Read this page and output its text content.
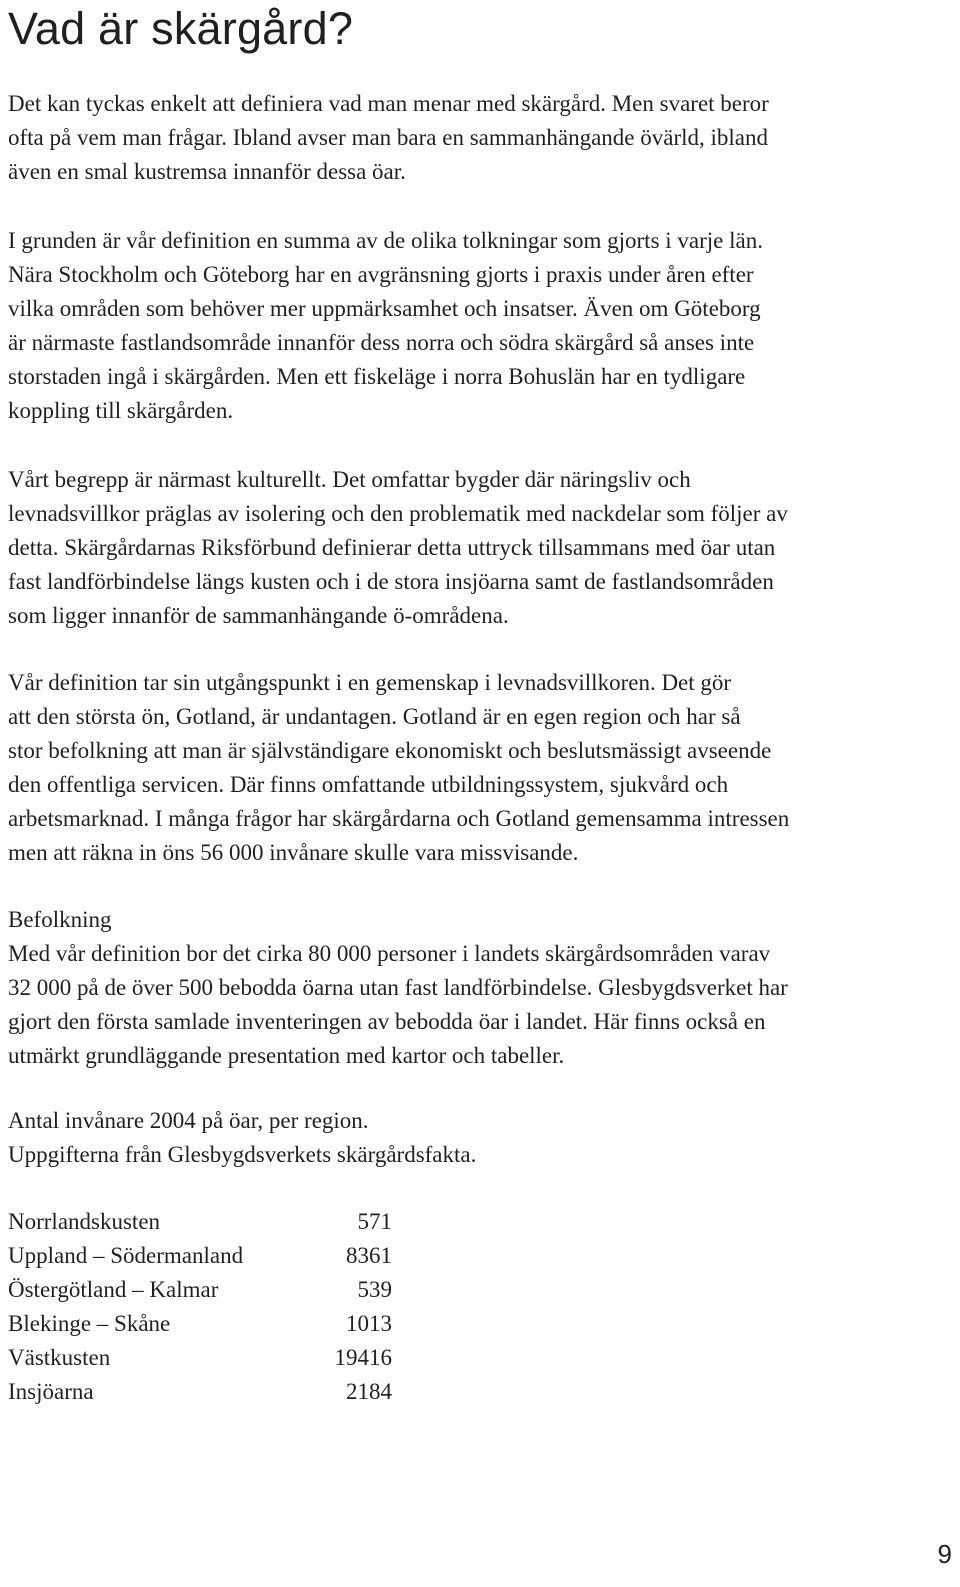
Vad är skärgård?

Det kan tyckas enkelt att definiera vad man menar med skärgård. Men svaret beror
ofta på vem man frågar. Ibland avser man bara en sammanhängande övärld, ibland
även en smal kustremsa innanför dessa öar.

I grunden är vår definition en summa av de olika tolkningar som gjorts i varje län.
Nära Stockholm och Göteborg har en avgränsning gjorts i praxis under åren efter
vilka områden som behöver mer uppmärksamhet och insatser. Även om Göteborg
är närmaste fastlandsområde innanför dess norra och södra skärgård så anses inte
storstaden ingå i skärgården. Men ett fiskeläge i norra Bohuslän har en tydligare
koppling till skärgården.

Vårt begrepp är närmast kulturellt. Det omfattar bygder där näringsliv och
levnadsvillkor präglas av isolering och den problematik med nackdelar som följer av
detta. Skärgårdarnas Riksförbund definierar detta uttryck tillsammans med öar utan
fast landförbindelse längs kusten och i de stora insjöarna samt de fastlandsområden
som ligger innanför de sammanhängande ö-områdena.

Vår definition tar sin utgångspunkt i en gemenskap i levnadsvillkoren. Det gör
att den största ön, Gotland, är undantagen. Gotland är en egen region och har så
stor befolkning att man är självständigare ekonomiskt och beslutsmässigt avseende
den offentliga servicen. Där finns omfattande utbildningssystem, sjukvård och
arbetsmarknad. I många frågor har skärgårdarna och Gotland gemensamma intressen
men att räkna in öns 56 000 invånare skulle vara missvisande.

Befolkning
Med vår definition bor det cirka 80 000 personer i landets skärgårdsområden varav
32 000 på de över 500 bebodda öarna utan fast landförbindelse. Glesbygdsverket har
gjort den första samlade inventeringen av bebodda öar i landet. Här finns också en
utmärkt grundläggande presentation med kartor och tabeller.

Antal invånare 2004 på öar, per region.
Uppgifterna från Glesbygdsverkets skärgårdsfakta.

Norrlandskusten	571
Uppland – Södermanland	8361
Östergötland – Kalmar	539
Blekinge – Skåne	1013
Västkusten	19416
Insjöarna	2184
9
